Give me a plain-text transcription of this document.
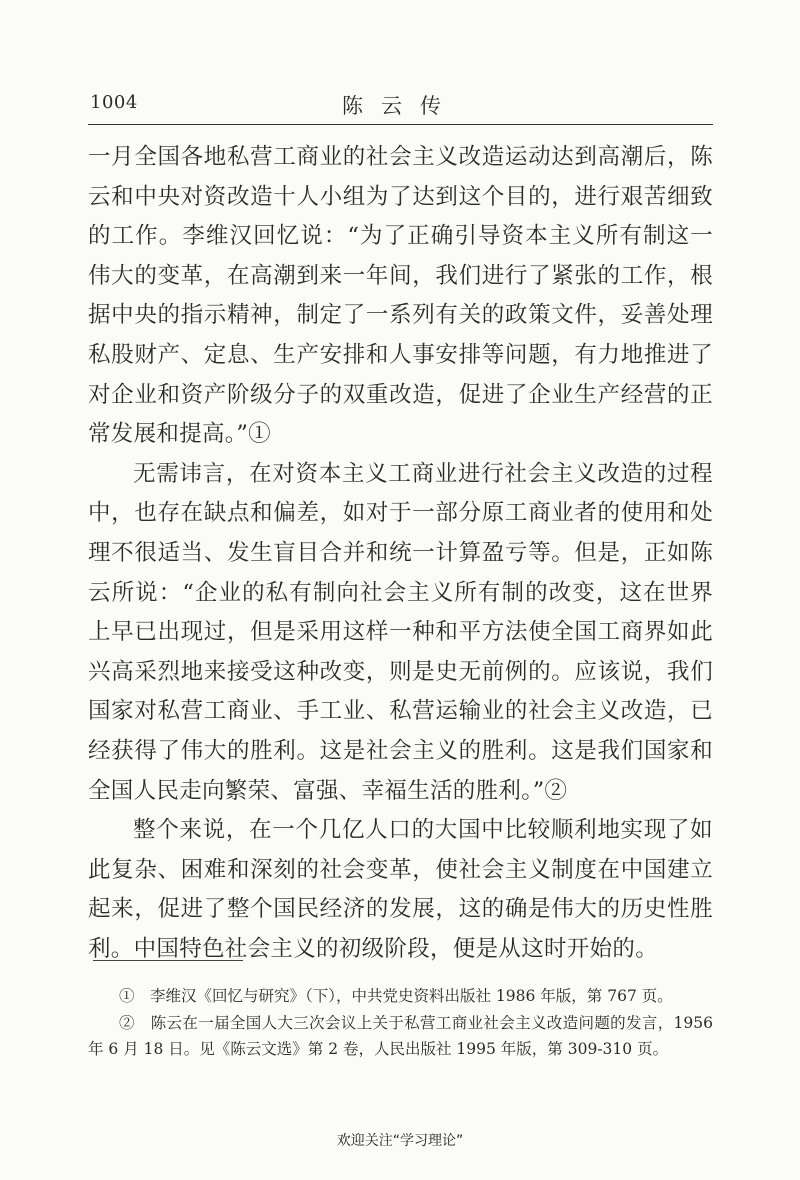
1004	陈云传

一月全国各地私营工商业的社会主义改造运动达到高潮后，陈云和中央对资改造十人小组为了达到这个目的，进行艰苦细致的工作。李维汉回忆说：“为了正确引导资本主义所有制这一伟大的变革，在高潮到来一年间，我们进行了紧张的工作，根据中央的指示精神，制定了一系列有关的政策文件，妥善处理私股财产、定息、生产安排和人事安排等问题，有力地推进了对企业和资产阶级分子的双重改造，促进了企业生产经营的正常发展和提高。”①

无需讳言，在对资本主义工商业进行社会主义改造的过程中，也存在缺点和偏差，如对于一部分原工商业者的使用和处理不很适当、发生盲目合并和统一计算盈亏等。但是，正如陈云所说：“企业的私有制向社会主义所有制的改变，这在世界上早已出现过，但是采用这样一种和平方法使全国工商界如此兴高采烈地来接受这种改变，则是史无前例的。应该说，我们国家对私营工商业、手工业、私营运输业的社会主义改造，已经获得了伟大的胜利。这是社会主义的胜利。这是我们国家和全国人民走向繁荣、富强、幸福生活的胜利。”②

整个来说，在一个几亿人口的大国中比较顺利地实现了如此复杂、困难和深刻的社会变革，使社会主义制度在中国建立起来，促进了整个国民经济的发展，这的确是伟大的历史性胜利。中国特色社会主义的初级阶段，便是从这时开始的。

①　李维汉《回忆与研究》（下），中共党史资料出版社 1986 年版，第 767 页。

②　陈云在一届全国人大三次会议上关于私营工商业社会主义改造问题的发言，1956 年 6 月 18 日。见《陈云文选》第 2 卷，人民出版社 1995 年版，第 309-310 页。

欢迎关注“学习理论”
